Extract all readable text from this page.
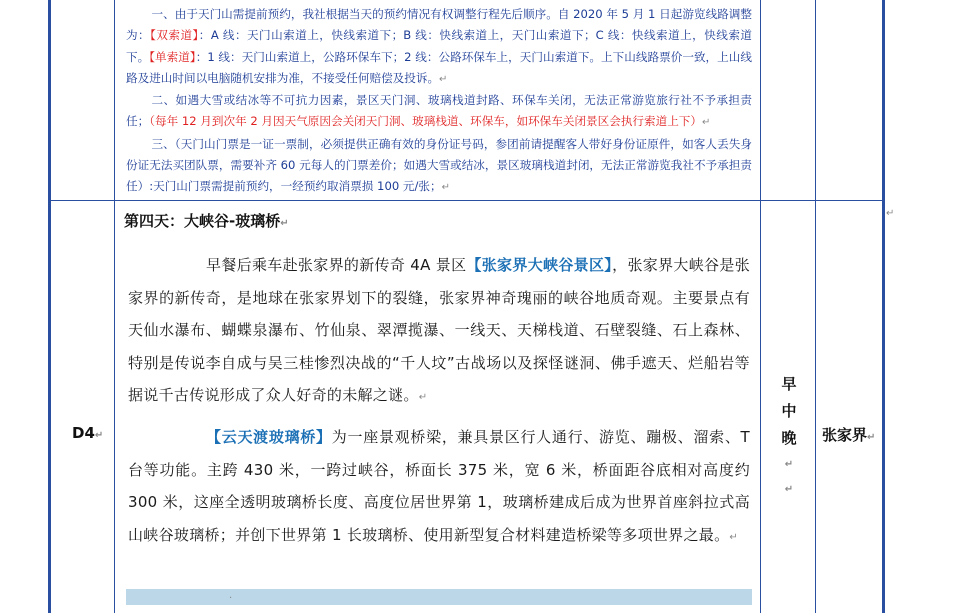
一、由于天门山需提前预约，我社根据当天的预约情况有权调整行程先后顺序。自 2020 年 5 月 1 日起游览线路调整为：【双索道】：A 线：天门山索道上，快线索道下；B 线：快线索道上，天门山索道下；C 线：快线索道上，快线索道下。【单索道】：1 线：天门山索道上，公路环保车下；2 线：公路环保车上，天门山索道下。上下山线路票价一致，上山线路及进山时间以电脑随机安排为准，不接受任何赔偿及投诉。↵

二、如遇大雪或结冰等不可抗力因素，景区天门洞、玻璃栈道封路、环保车关闭，无法正常游览旅行社不予承担责任；（每年 12 月到次年 2 月因天气原因会关闭天门洞、玻璃栈道、环保车，如环保车关闭景区会执行索道上下）↵

三、（天门山门票是一证一票制，必须提供正确有效的身份证号码，参团前请提醒客人带好身份证原件，如客人丢失身份证无法买团队票，需要补齐 60 元每人的门票差价；如遇大雪或结冰，景区玻璃栈道封闭，无法正常游览我社不予承担责任）:天门山门票需提前预约，一经预约取消票损 100 元/张；↵

D4↵
第四天：大峡谷-玻璃桥↵

早餐后乘车赴张家界的新传奇 4A 景区【张家界大峡谷景区】，张家界大峡谷是张家界的新传奇，是地球在张家界划下的裂缝，张家界神奇瑰丽的峡谷地质奇观。主要景点有天仙水瀑布、蝴蝶泉瀑布、竹仙泉、翠潭揽瀑、一线天、天梯栈道、石壁裂缝、石上森林、特别是传说李自成与吴三桂惨烈决战的“千人坟”古战场以及探怪谜洞、佛手遮天、烂船岩等据说千古传说形成了众人好奇的未解之谜。↵

【云天渡玻璃桥】为一座景观桥梁，兼具景区行人通行、游览、蹦极、溜索、T 台等功能。主跨 430 米，一跨过峡谷，桥面长 375 米，宽 6 米，桥面距谷底相对高度约 300 米，这座全透明玻璃桥长度、高度位居世界第 1，玻璃桥建成后成为世界首座斜拉式高山峡谷玻璃桥；并创下世界第 1 长玻璃桥、使用新型复合材料建造桥梁等多项世界之最。↵

.
早
中
晚
↵
↵
张家界↵
↵
